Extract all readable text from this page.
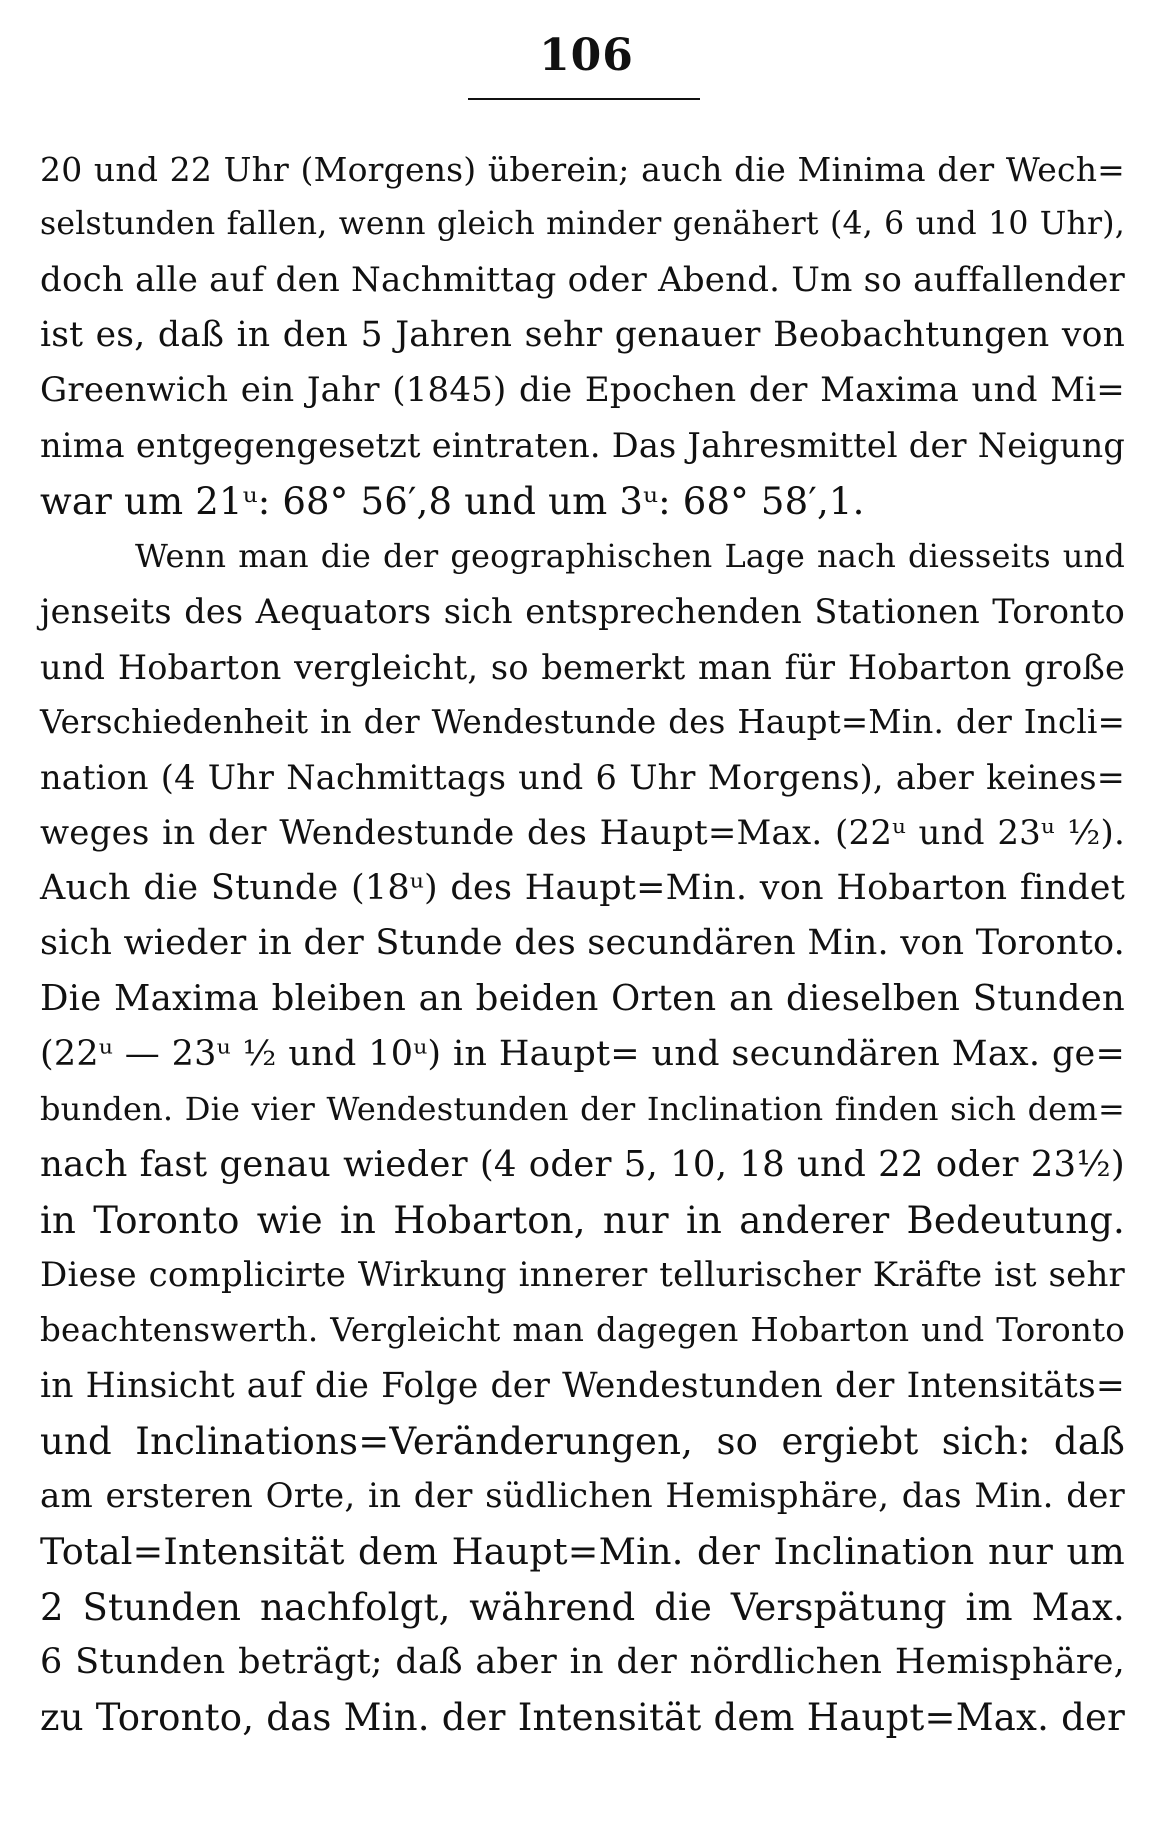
106
20 und 22 Uhr (Morgens) überein; auch die Minima der Wech=
selstunden fallen, wenn gleich minder genähert (4, 6 und 10 Uhr),
doch alle auf den Nachmittag oder Abend. Um so auffallender
ist es, daß in den 5 Jahren sehr genauer Beobachtungen von
Greenwich ein Jahr (1845) die Epochen der Maxima und Mi=
nima entgegengesetzt eintraten. Das Jahresmittel der Neigung
war um 21ᵘ: 68° 56′,8 und um 3ᵘ: 68° 58′,1.
Wenn man die der geographischen Lage nach diesseits und
jenseits des Aequators sich entsprechenden Stationen Toronto
und Hobarton vergleicht, so bemerkt man für Hobarton große
Verschiedenheit in der Wendestunde des Haupt=Min. der Incli=
nation (4 Uhr Nachmittags und 6 Uhr Morgens), aber keines=
weges in der Wendestunde des Haupt=Max. (22ᵘ und 23ᵘ ½).
Auch die Stunde (18ᵘ) des Haupt=Min. von Hobarton findet
sich wieder in der Stunde des secundären Min. von Toronto.
Die Maxima bleiben an beiden Orten an dieselben Stunden
(22ᵘ — 23ᵘ ½ und 10ᵘ) in Haupt= und secundären Max. ge=
bunden. Die vier Wendestunden der Inclination finden sich dem=
nach fast genau wieder (4 oder 5, 10, 18 und 22 oder 23½)
in Toronto wie in Hobarton, nur in anderer Bedeutung.
Diese complicirte Wirkung innerer tellurischer Kräfte ist sehr
beachtenswerth. Vergleicht man dagegen Hobarton und Toronto
in Hinsicht auf die Folge der Wendestunden der Intensitäts=
und Inclinations=Veränderungen, so ergiebt sich: daß
am ersteren Orte, in der südlichen Hemisphäre, das Min. der
Total=Intensität dem Haupt=Min. der Inclination nur um
2 Stunden nachfolgt, während die Verspätung im Max.
6 Stunden beträgt; daß aber in der nördlichen Hemisphäre,
zu Toronto, das Min. der Intensität dem Haupt=Max. der
